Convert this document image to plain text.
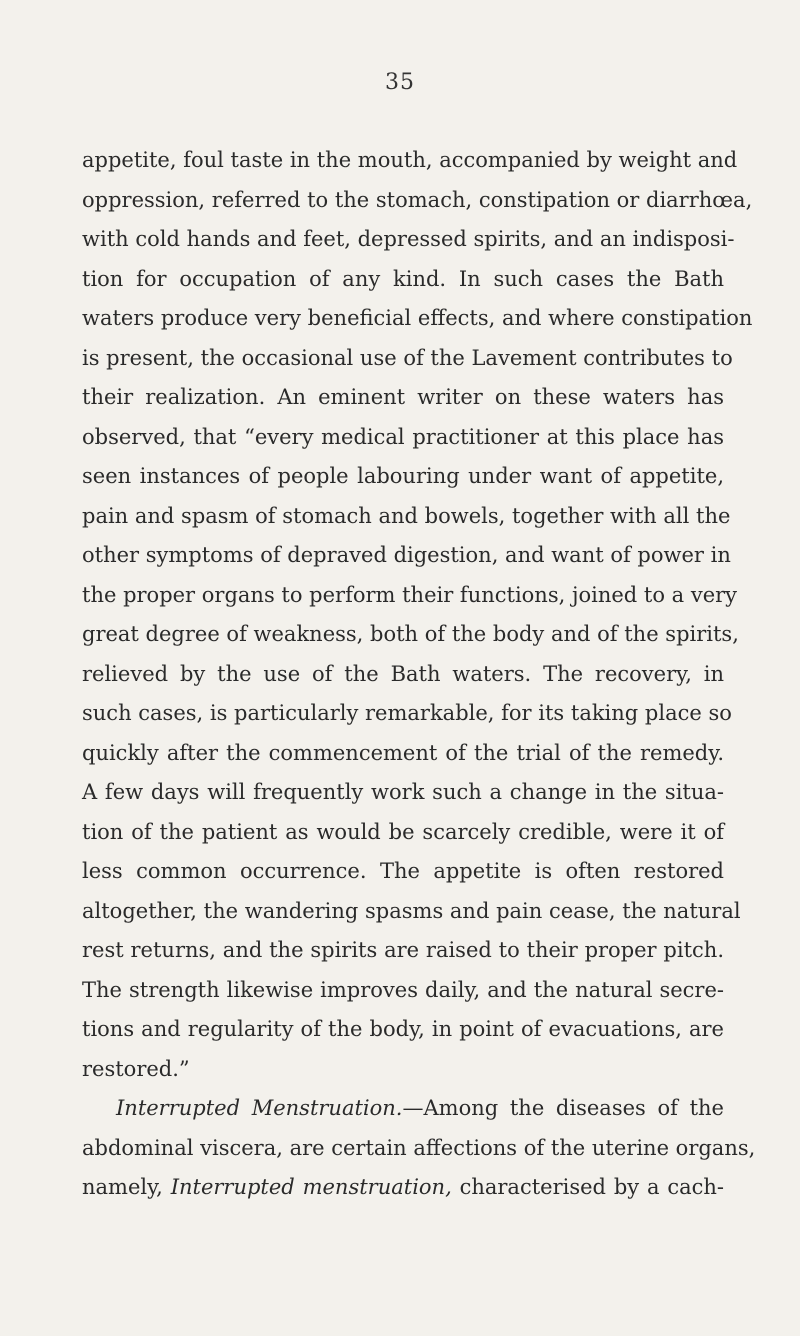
35
appetite, foul taste in the mouth, accompanied by weight and
oppression, referred to the stomach, constipation or diarrhœa,
with cold hands and feet, depressed spirits, and an indisposi-
tion for occupation of any kind. In such cases the Bath
waters produce very beneficial effects, and where constipation
is present, the occasional use of the Lavement contributes to
their realization. An eminent writer on these waters has
observed, that “every medical practitioner at this place has
seen instances of people labouring under want of appetite,
pain and spasm of stomach and bowels, together with all the
other symptoms of depraved digestion, and want of power in
the proper organs to perform their functions, joined to a very
great degree of weakness, both of the body and of the spirits,
relieved by the use of the Bath waters. The recovery, in
such cases, is particularly remarkable, for its taking place so
quickly after the commencement of the trial of the remedy.
A few days will frequently work such a change in the situa-
tion of the patient as would be scarcely credible, were it of
less common occurrence. The appetite is often restored
altogether, the wandering spasms and pain cease, the natural
rest returns, and the spirits are raised to their proper pitch.
The strength likewise improves daily, and the natural secre-
tions and regularity of the body, in point of evacuations, are
restored.”
Interrupted Menstruation.—Among the diseases of the
abdominal viscera, are certain affections of the uterine organs,
namely, Interrupted menstruation, characterised by a cach-
